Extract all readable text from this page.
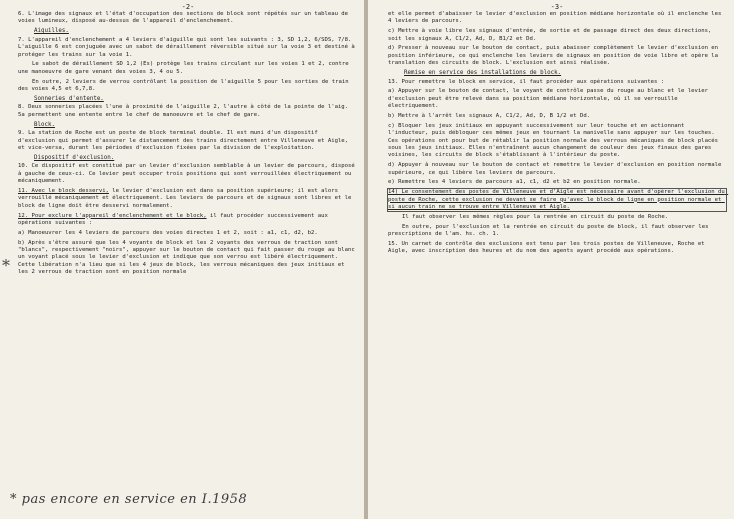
-2-

6. L'image des signaux et l'état d'occupation des sections de block sont répétés sur un tableau de voies lumineux, disposé au-dessus de l'appareil d'enclenchement.

Aiguilles.

7. L'appareil d'enclenchement a 4 leviers d'aiguille qui sont les suivants : 3, SD 1,2, 6/SDS, 7/8. L'aiguille 6 est conjuguée avec un sabot de déraillement réversible situé sur la voie 3 et destiné à protéger les trains sur la voie 1.

Le sabot de déraillement SD 1,2 (Es) protège les trains circulant sur les voies 1 et 2, contre une manoeuvre de gare venant des voies 3, 4 ou 5.

En outre, 2 leviers de verrou contrôlant la position de l'aiguille 5 pour les sorties de train des voies 4,5 et 6,7,8.

Sonneries d'entente.

8. Deux sonneries placées l'une à proximité de l'aiguille 2, l'autre à côté de la pointe de l'aig. 5a permettent une entente entre le chef de manoeuvre et le chef de gare.

Block.

9. La station de Roche est un poste de block terminal double. Il est muni d'un dispositif d'exclusion qui permet d'assurer le distancement des trains directement entre Villeneuve et Aigle, et vice-versa, durant les périodes d'exclusion fixées par la division de l'exploitation.

Dispositif d'exclusion.

10. Ce dispositif est constitué par un levier d'exclusion semblable à un levier de parcours, disposé à gauche de ceux-ci. Ce levier peut occuper trois positions qui sont verrouillées électriquement ou mécaniquement.

11. Avec le block desservi, le levier d'exclusion est dans sa position supérieure; il est alors verrouillé mécaniquement et électriquement. Les leviers de parcours et de signaux sont libres et le block de ligne doit être desservi normalement.

12. Pour exclure l'appareil d'enclenchement et le block, il faut procéder successivement aux opérations suivantes :

a) Manoeuvrer les 4 leviers de parcours des voies directes 1 et 2, soit : a1, c1, d2, b2.

b) Après s'être assuré que les 4 voyants de block et les 2 voyants des verrous de traction sont "blancs", respectivement "noirs", appuyer sur le bouton de contact qui fait passer du rouge au blanc un voyant placé sous le levier d'exclusion et indique que son verrou est libéré électriquement. Cette libération n'a lieu que si les 4 jeux de block, les verrous mécaniques des jeux initiaux et les 2 verrous de traction sont en position normale

*
* pas encore en service en I.1958
-3-

et elle permet d'abaisser le levier d'exclusion en position médiane horizontale où il enclenche les 4 leviers de parcours.

c) Mettre à voie libre les signaux d'entrée, de sortie et de passage direct des deux directions, soit les signaux A, C1/2, Ad, D, B1/2 et Dd.

d) Presser à nouveau sur le bouton de contact, puis abaisser complètement le levier d'exclusion en position inférieure, ce qui enclenche les leviers de signaux en position de voie libre et opère la translation des circuits de block. L'exclusion est ainsi réalisée.

Remise en service des installations de block.

13. Pour remettre le block en service, il faut procéder aux opérations suivantes :

a) Appuyer sur le bouton de contact, le voyant de contrôle passe du rouge au blanc et le levier d'exclusion peut être relevé dans sa position médiane horizontale, où il se verrouille électriquement.

b) Mettre à l'arrêt les signaux A, C1/2, Ad, D, B 1/2 et Dd.

c) Bloquer les jeux initiaux en appuyant successivement sur leur touche et en actionnant l'inducteur, puis débloquer ces mêmes jeux en tournant la manivelle sans appuyer sur les touches. Ces opérations ont pour but de rétablir la position normale des verrous mécaniques de block placés sous les jeux initiaux. Elles n'entraînent aucun changement de couleur des jeux finaux des gares voisines, les circuits de block s'établissant à l'intérieur du poste.

d) Appuyer à nouveau sur le bouton de contact et remettre le levier d'exclusion en position normale supérieure, ce qui libère les leviers de parcours.

e) Remettre les 4 leviers de parcours a1, c1, d2 et b2 en position normale.

14) Le consentement des postes de Villeneuve et d'Aigle est nécessaire avant d'opérer l'exclusion du poste de Roche, cette exclusion ne devant se faire qu'avec le block de ligne en position normale et si aucun train ne se trouve entre Villeneuve et Aigle.

Il faut observer les mêmes règles pour la rentrée en circuit du poste de Roche.

En outre, pour l'exclusion et la rentrée en circuit du poste de block, il faut observer les prescriptions de l'am. hs. ch. 1.

15. Un carnet de contrôle des exclusions est tenu par les trois postes de Villeneuve, Roche et Aigle, avec inscription des heures et du nom des agents ayant procédé aux opérations.
